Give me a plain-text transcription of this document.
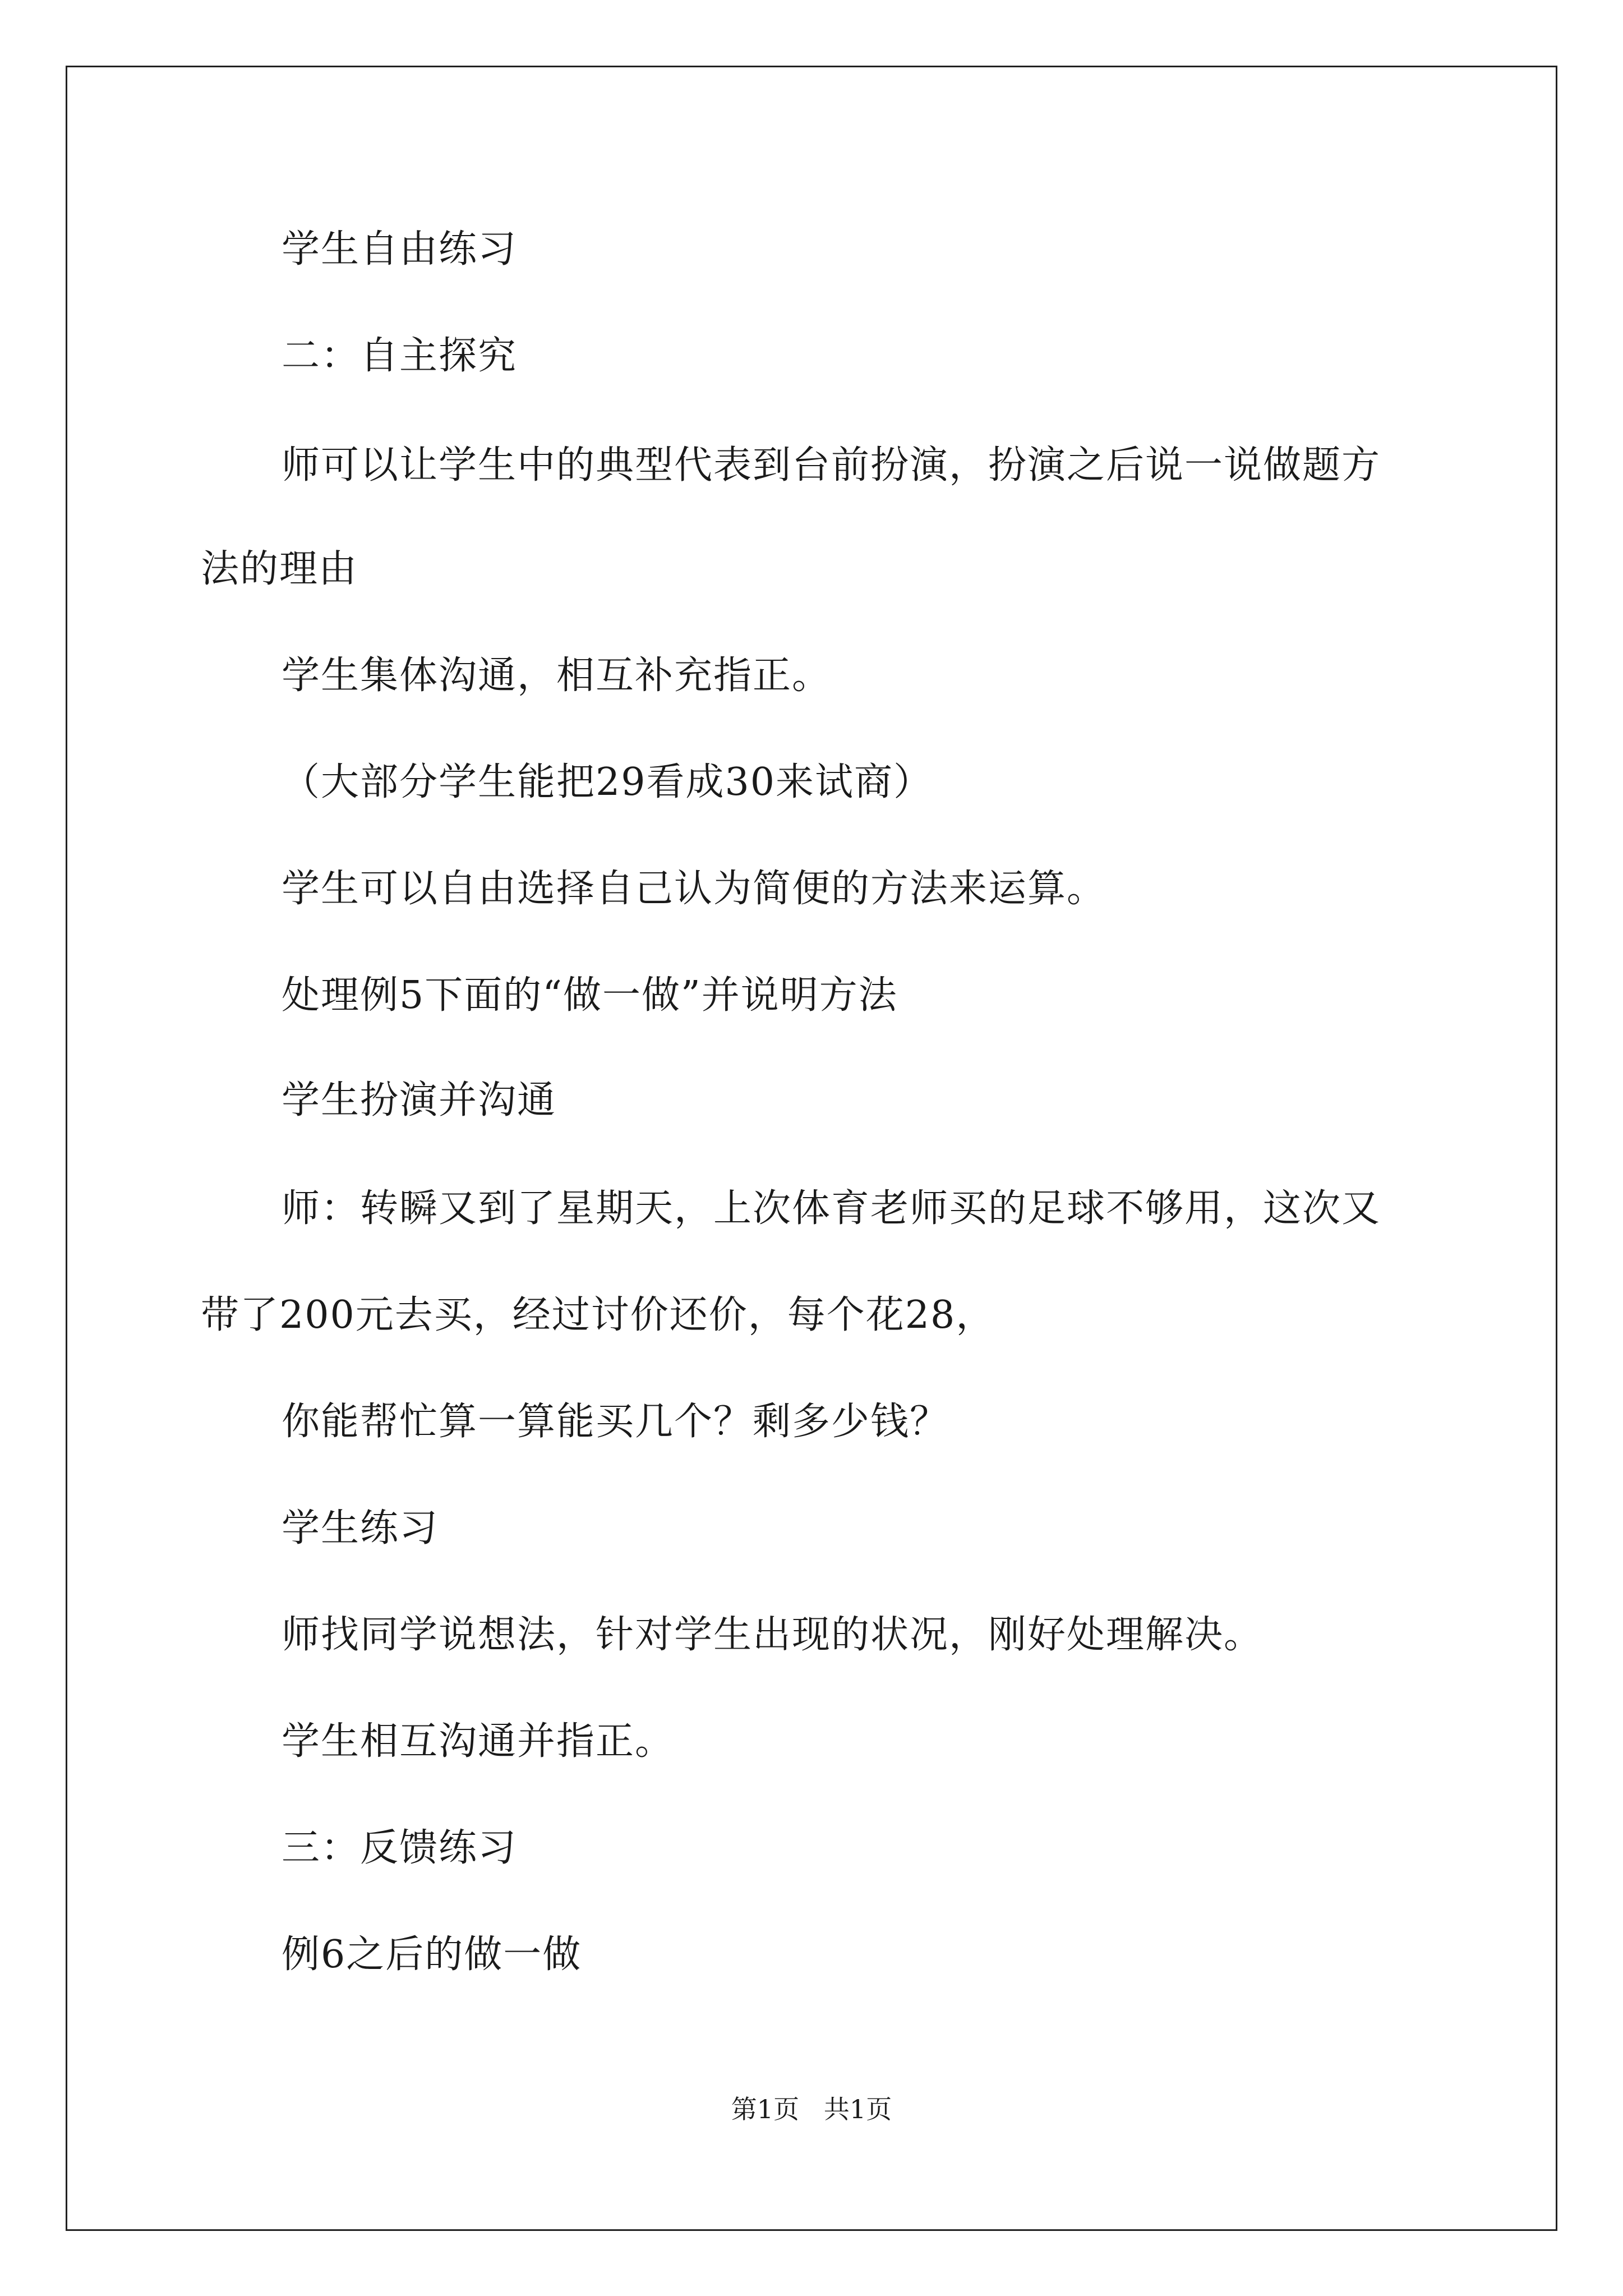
学生自由练习
二：自主探究
师可以让学生中的典型代表到台前扮演，扮演之后说一说做题方
法的理由
学生集体沟通，相互补充指正。
（大部分学生能把29看成30来试商）
学生可以自由选择自己认为简便的方法来运算。
处理例5下面的“做一做”并说明方法
学生扮演并沟通
师：转瞬又到了星期天，上次体育老师买的足球不够用，这次又
带了200元去买，经过讨价还价，每个花28，
你能帮忙算一算能买几个？剩多少钱？
学生练习
师找同学说想法，针对学生出现的状况，刚好处理解决。
学生相互沟通并指正。
三：反馈练习
例6之后的做一做
第1页   共1页
